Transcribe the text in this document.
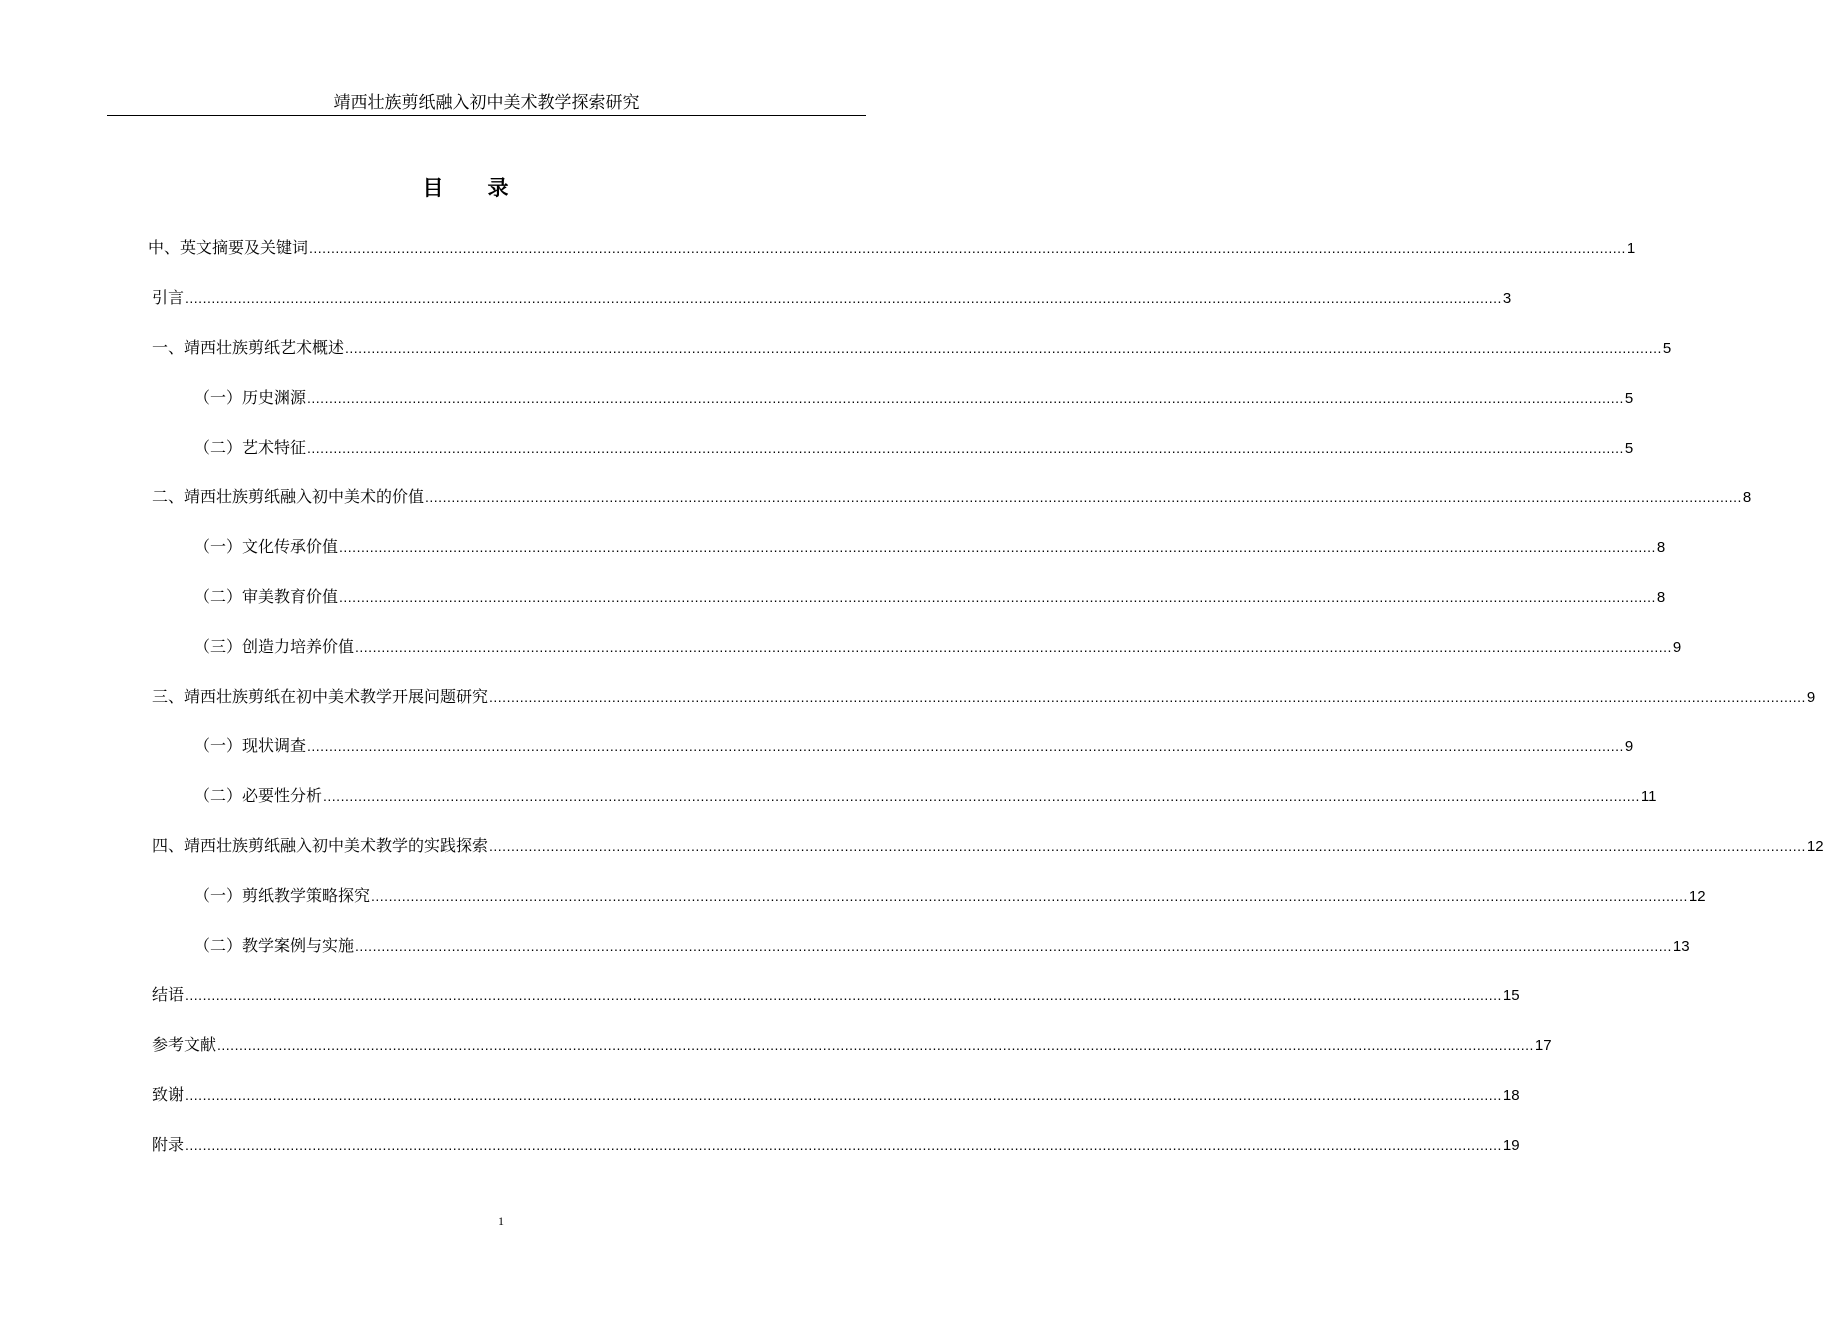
靖西壮族剪纸融入初中美术教学探索研究
目录
中、英文摘要及关键词 ............................................................................................................................................................................................................................................................................................................ 1
引言 ............................................................................................................................................................................................................................................................................................................ 3
一、靖西壮族剪纸艺术概述 ............................................................................................................................................................................................................................................................................................................ 5
（一）历史渊源 ............................................................................................................................................................................................................................................................................................................ 5
（二）艺术特征 ............................................................................................................................................................................................................................................................................................................ 5
二、靖西壮族剪纸融入初中美术的价值 ............................................................................................................................................................................................................................................................................................................ 8
（一）文化传承价值 ............................................................................................................................................................................................................................................................................................................ 8
（二）审美教育价值 ............................................................................................................................................................................................................................................................................................................ 8
（三）创造力培养价值 ............................................................................................................................................................................................................................................................................................................ 9
三、靖西壮族剪纸在初中美术教学开展问题研究 ............................................................................................................................................................................................................................................................................................................ 9
（一）现状调查 ............................................................................................................................................................................................................................................................................................................ 9
（二）必要性分析 ............................................................................................................................................................................................................................................................................................................ 11
四、靖西壮族剪纸融入初中美术教学的实践探索 ............................................................................................................................................................................................................................................................................................................ 12
（一）剪纸教学策略探究 ............................................................................................................................................................................................................................................................................................................ 12
（二）教学案例与实施 ............................................................................................................................................................................................................................................................................................................ 13
结语 ............................................................................................................................................................................................................................................................................................................ 15
参考文献 ............................................................................................................................................................................................................................................................................................................ 17
致谢 ............................................................................................................................................................................................................................................................................................................ 18
附录 ............................................................................................................................................................................................................................................................................................................ 19
1
